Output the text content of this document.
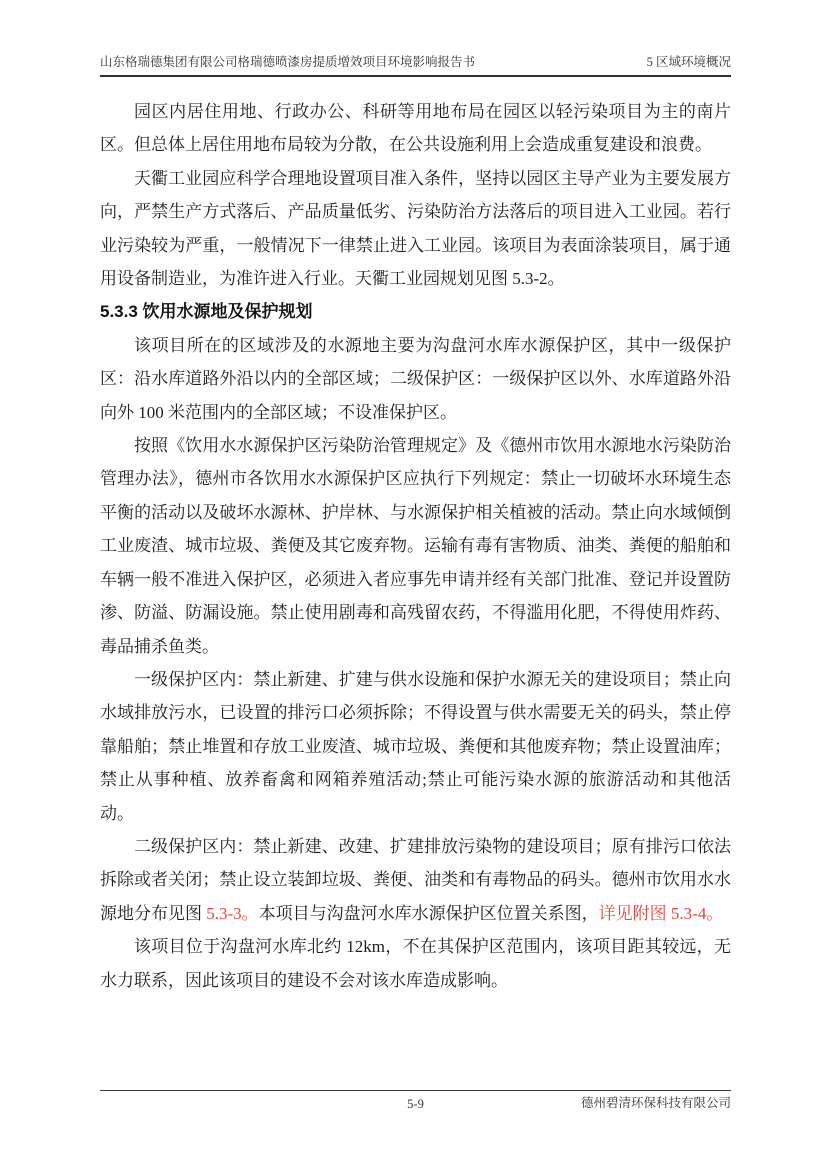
山东格瑞德集团有限公司格瑞德喷漆房提质增效项目环境影响报告书	5 区域环境概况

园区内居住用地、行政办公、科研等用地布局在园区以轻污染项目为主的南片区。但总体上居住用地布局较为分散，在公共设施利用上会造成重复建设和浪费。

天衢工业园应科学合理地设置项目准入条件，坚持以园区主导产业为主要发展方向，严禁生产方式落后、产品质量低劣、污染防治方法落后的项目进入工业园。若行业污染较为严重，一般情况下一律禁止进入工业园。该项目为表面涂装项目，属于通用设备制造业，为准许进入行业。天衢工业园规划见图 5.3-2。

5.3.3 饮用水源地及保护规划

该项目所在的区域涉及的水源地主要为沟盘河水库水源保护区，其中一级保护区：沿水库道路外沿以内的全部区域；二级保护区：一级保护区以外、水库道路外沿向外 100 米范围内的全部区域；不设准保护区。

按照《饮用水水源保护区污染防治管理规定》及《德州市饮用水源地水污染防治管理办法》，德州市各饮用水水源保护区应执行下列规定：禁止一切破坏水环境生态平衡的活动以及破坏水源林、护岸林、与水源保护相关植被的活动。禁止向水域倾倒工业废渣、城市垃圾、粪便及其它废弃物。运输有毒有害物质、油类、粪便的船舶和车辆一般不准进入保护区，必须进入者应事先申请并经有关部门批准、登记并设置防渗、防溢、防漏设施。禁止使用剧毒和高残留农药，不得滥用化肥，不得使用炸药、毒品捕杀鱼类。

一级保护区内：禁止新建、扩建与供水设施和保护水源无关的建设项目；禁止向水域排放污水，已设置的排污口必须拆除；不得设置与供水需要无关的码头，禁止停靠船舶；禁止堆置和存放工业废渣、城市垃圾、粪便和其他废弃物；禁止设置油库；禁止从事种植、放养畜禽和网箱养殖活动;禁止可能污染水源的旅游活动和其他活动。

二级保护区内：禁止新建、改建、扩建排放污染物的建设项目；原有排污口依法拆除或者关闭；禁止设立装卸垃圾、粪便、油类和有毒物品的码头。德州市饮用水水源地分布见图 5.3-3。本项目与沟盘河水库水源保护区位置关系图，详见附图 5.3-4。

该项目位于沟盘河水库北约 12km，不在其保护区范围内，该项目距其较远，无水力联系，因此该项目的建设不会对该水库造成影响。

5-9	德州碧清环保科技有限公司
